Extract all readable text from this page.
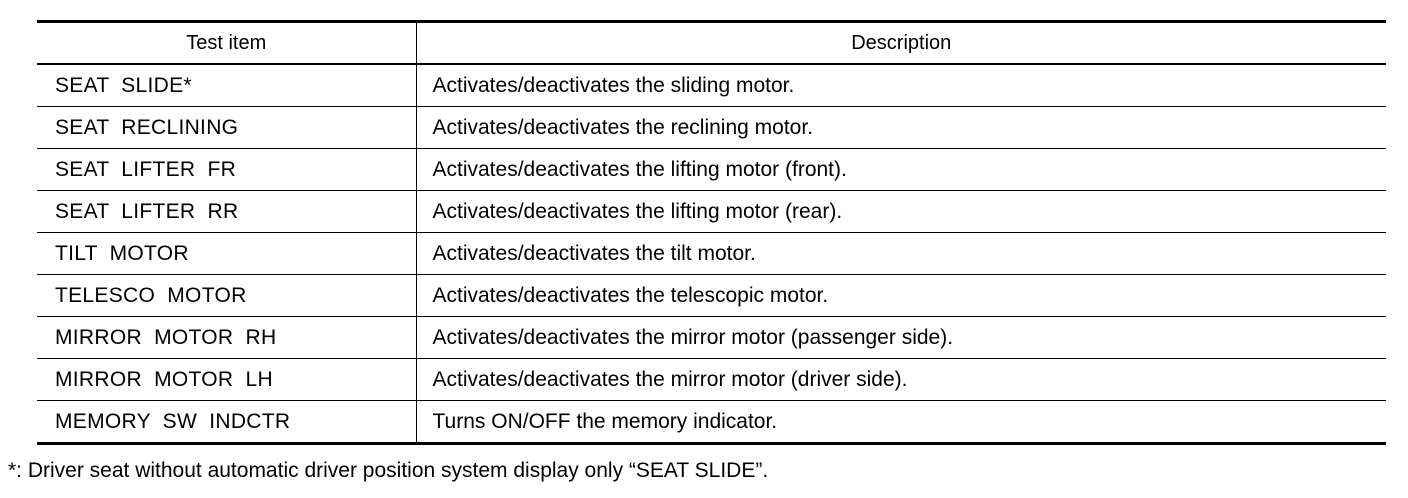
Test item	Description
SEAT SLIDE*	Activates/deactivates the sliding motor.
SEAT RECLINING	Activates/deactivates the reclining motor.
SEAT LIFTER FR	Activates/deactivates the lifting motor (front).
SEAT LIFTER RR	Activates/deactivates the lifting motor (rear).
TILT MOTOR	Activates/deactivates the tilt motor.
TELESCO MOTOR	Activates/deactivates the telescopic motor.
MIRROR MOTOR RH	Activates/deactivates the mirror motor (passenger side).
MIRROR MOTOR LH	Activates/deactivates the mirror motor (driver side).
MEMORY SW INDCTR	Turns ON/OFF the memory indicator.
*: Driver seat without automatic driver position system display only “SEAT SLIDE”.
